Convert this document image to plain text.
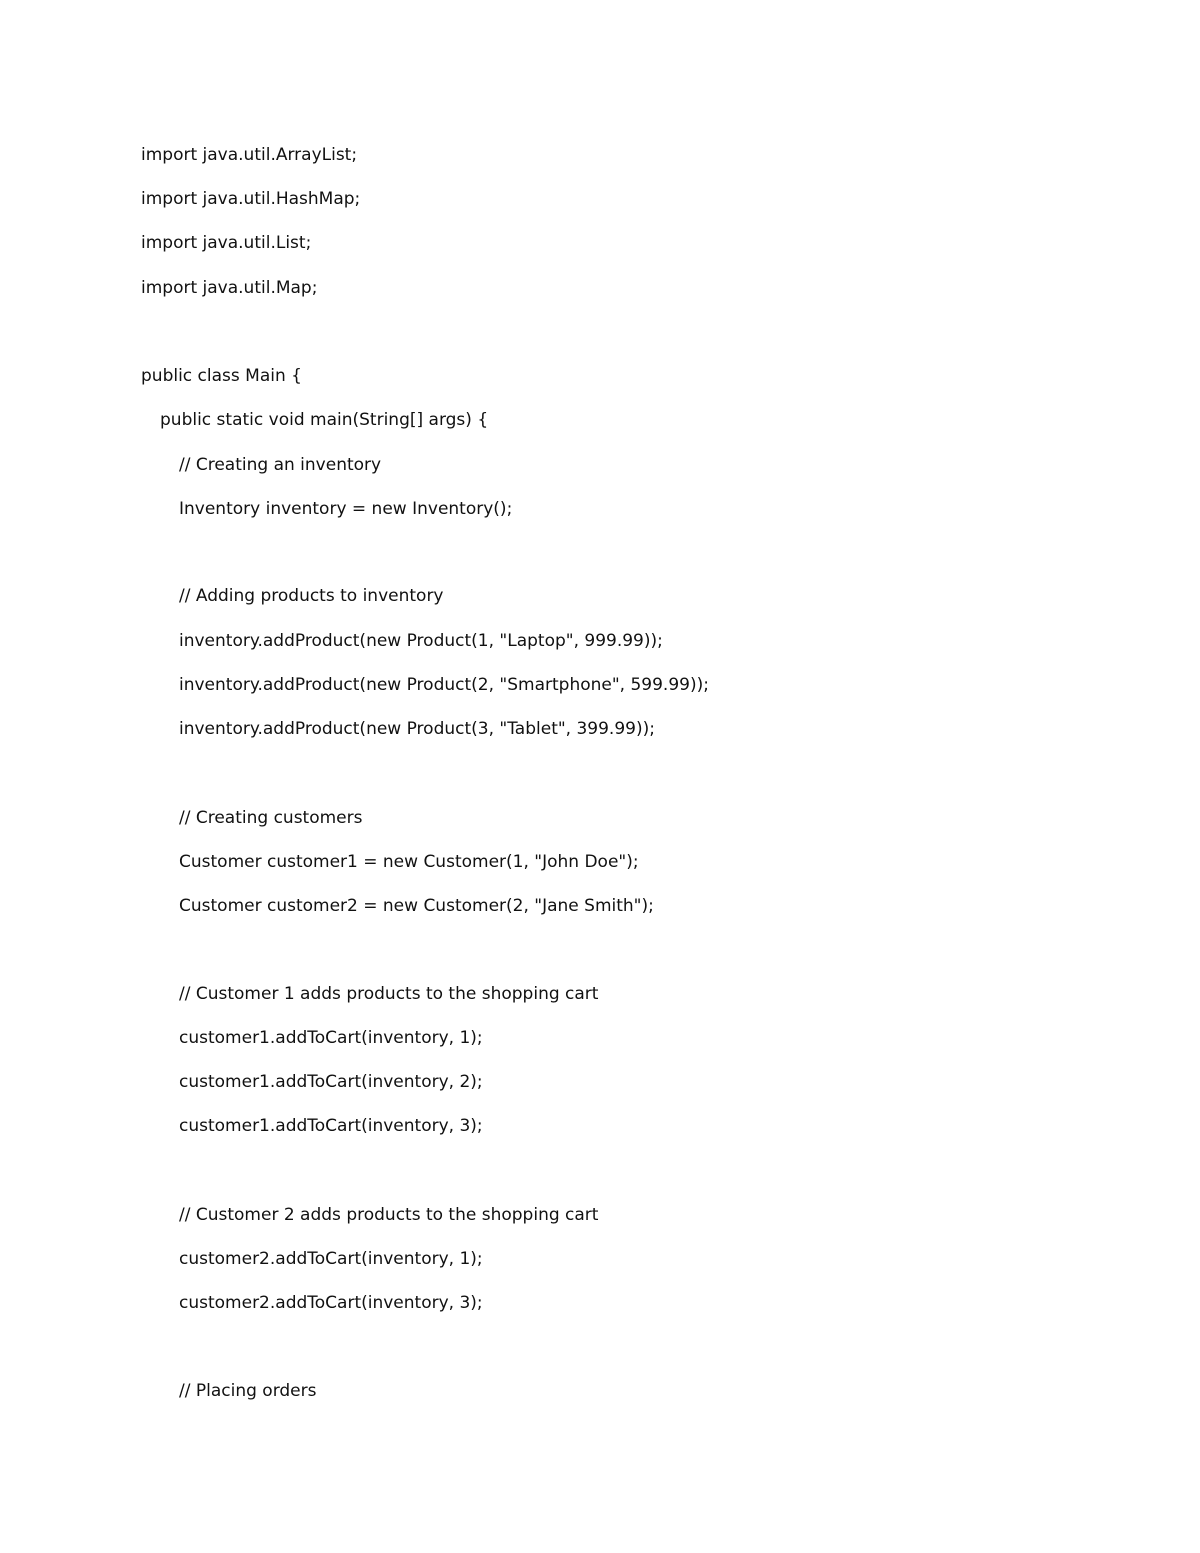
import java.util.ArrayList;
import java.util.HashMap;
import java.util.List;
import java.util.Map;
public class Main {
public static void main(String[] args) {
// Creating an inventory
Inventory inventory = new Inventory();
// Adding products to inventory
inventory.addProduct(new Product(1, "Laptop", 999.99));
inventory.addProduct(new Product(2, "Smartphone", 599.99));
inventory.addProduct(new Product(3, "Tablet", 399.99));
// Creating customers
Customer customer1 = new Customer(1, "John Doe");
Customer customer2 = new Customer(2, "Jane Smith");
// Customer 1 adds products to the shopping cart
customer1.addToCart(inventory, 1);
customer1.addToCart(inventory, 2);
customer1.addToCart(inventory, 3);
// Customer 2 adds products to the shopping cart
customer2.addToCart(inventory, 1);
customer2.addToCart(inventory, 3);
// Placing orders
